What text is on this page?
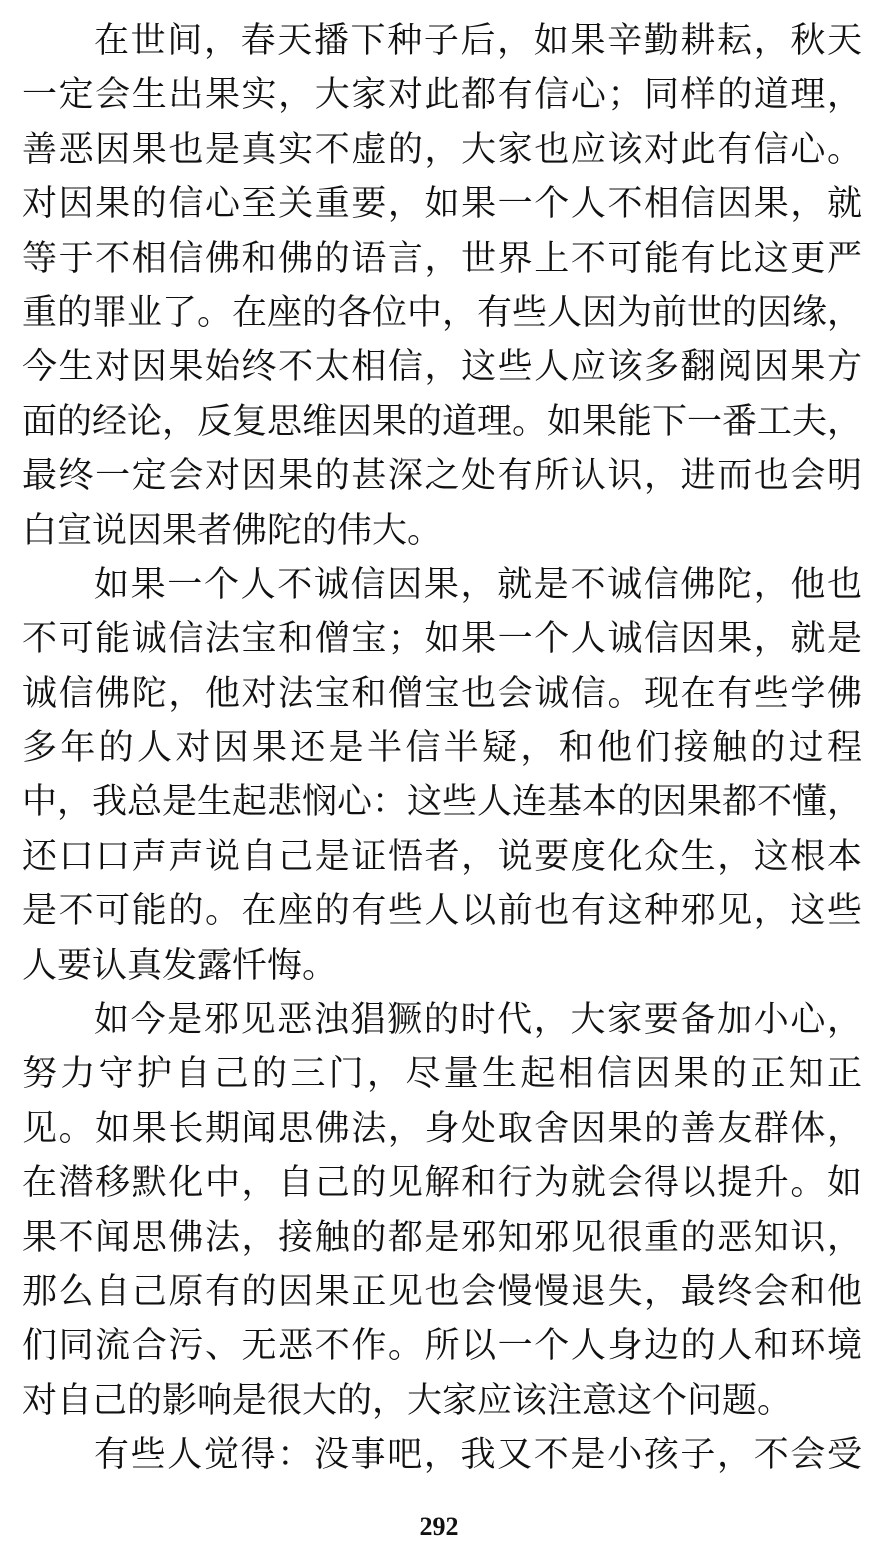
在世间，春天播下种子后，如果辛勤耕耘，秋天
一定会生出果实，大家对此都有信心；同样的道理，
善恶因果也是真实不虚的，大家也应该对此有信心。
对因果的信心至关重要，如果一个人不相信因果，就
等于不相信佛和佛的语言，世界上不可能有比这更严
重的罪业了。在座的各位中，有些人因为前世的因缘，
今生对因果始终不太相信，这些人应该多翻阅因果方
面的经论，反复思维因果的道理。如果能下一番工夫，
最终一定会对因果的甚深之处有所认识，进而也会明
白宣说因果者佛陀的伟大。
如果一个人不诚信因果，就是不诚信佛陀，他也
不可能诚信法宝和僧宝；如果一个人诚信因果，就是
诚信佛陀，他对法宝和僧宝也会诚信。现在有些学佛
多年的人对因果还是半信半疑，和他们接触的过程
中，我总是生起悲悯心：这些人连基本的因果都不懂，
还口口声声说自己是证悟者，说要度化众生，这根本
是不可能的。在座的有些人以前也有这种邪见，这些
人要认真发露忏悔。
如今是邪见恶浊猖獗的时代，大家要备加小心，
努力守护自己的三门，尽量生起相信因果的正知正
见。如果长期闻思佛法，身处取舍因果的善友群体，
在潜移默化中，自己的见解和行为就会得以提升。如
果不闻思佛法，接触的都是邪知邪见很重的恶知识，
那么自己原有的因果正见也会慢慢退失，最终会和他
们同流合污、无恶不作。所以一个人身边的人和环境
对自己的影响是很大的，大家应该注意这个问题。
有些人觉得：没事吧，我又不是小孩子，不会受
292
